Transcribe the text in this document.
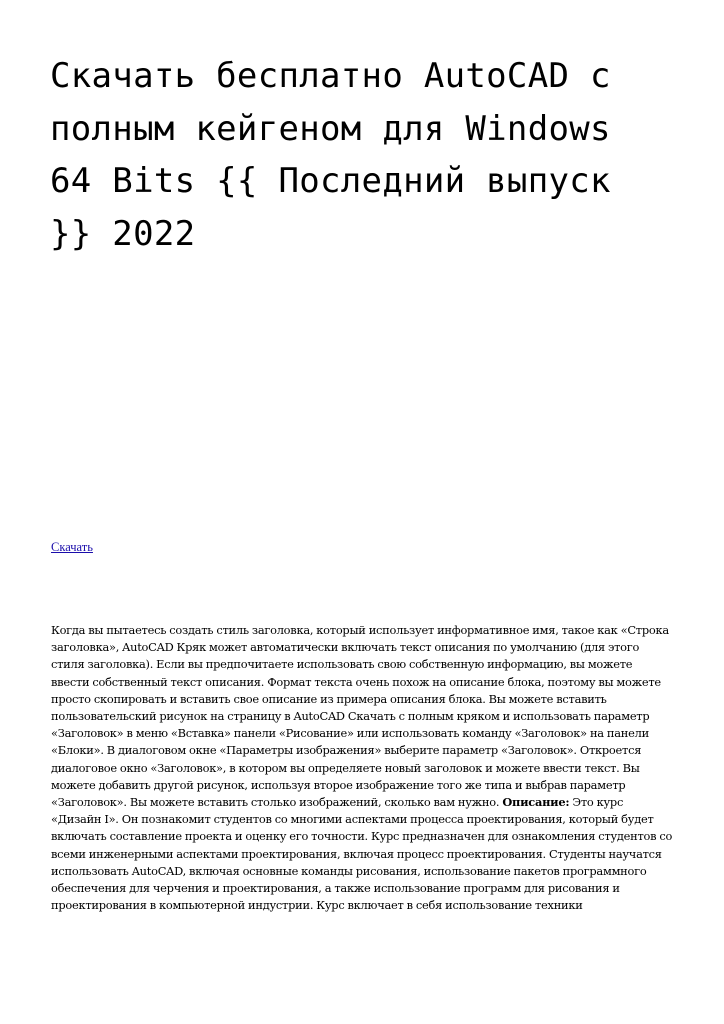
Скачать бесплатно AutoCAD с полным кейгеном для Windows 64 Bits {{ Последний выпуск }} 2022
Скачать

Когда вы пытаетесь создать стиль заголовка, который использует информативное имя, такое как «Строка заголовка», AutoCAD Кряк может автоматически включать текст описания по умолчанию (для этого стиля заголовка). Если вы предпочитаете использовать свою собственную информацию, вы можете ввести собственный текст описания. Формат текста очень похож на описание блока, поэтому вы можете просто скопировать и вставить свое описание из примера описания блока. Вы можете вставить пользовательский рисунок на страницу в AutoCAD Скачать с полным кряком и использовать параметр «Заголовок» в меню «Вставка» панели «Рисование» или использовать команду «Заголовок» на панели «Блоки». В диалоговом окне «Параметры изображения» выберите параметр «Заголовок». Откроется диалоговое окно «Заголовок», в котором вы определяете новый заголовок и можете ввести текст. Вы можете добавить другой рисунок, используя второе изображение того же типа и выбрав параметр «Заголовок». Вы можете вставить столько изображений, сколько вам нужно. Описание: Это курс «Дизайн I». Он познакомит студентов со многими аспектами процесса проектирования, который будет включать составление проекта и оценку его точности. Курс предназначен для ознакомления студентов со всеми инженерными аспектами проектирования, включая процесс проектирования. Студенты научатся использовать AutoCAD, включая основные команды рисования, использование пакетов программного обеспечения для черчения и проектирования, а также использование программ для рисования и проектирования в компьютерной индустрии. Курс включает в себя использование техники
